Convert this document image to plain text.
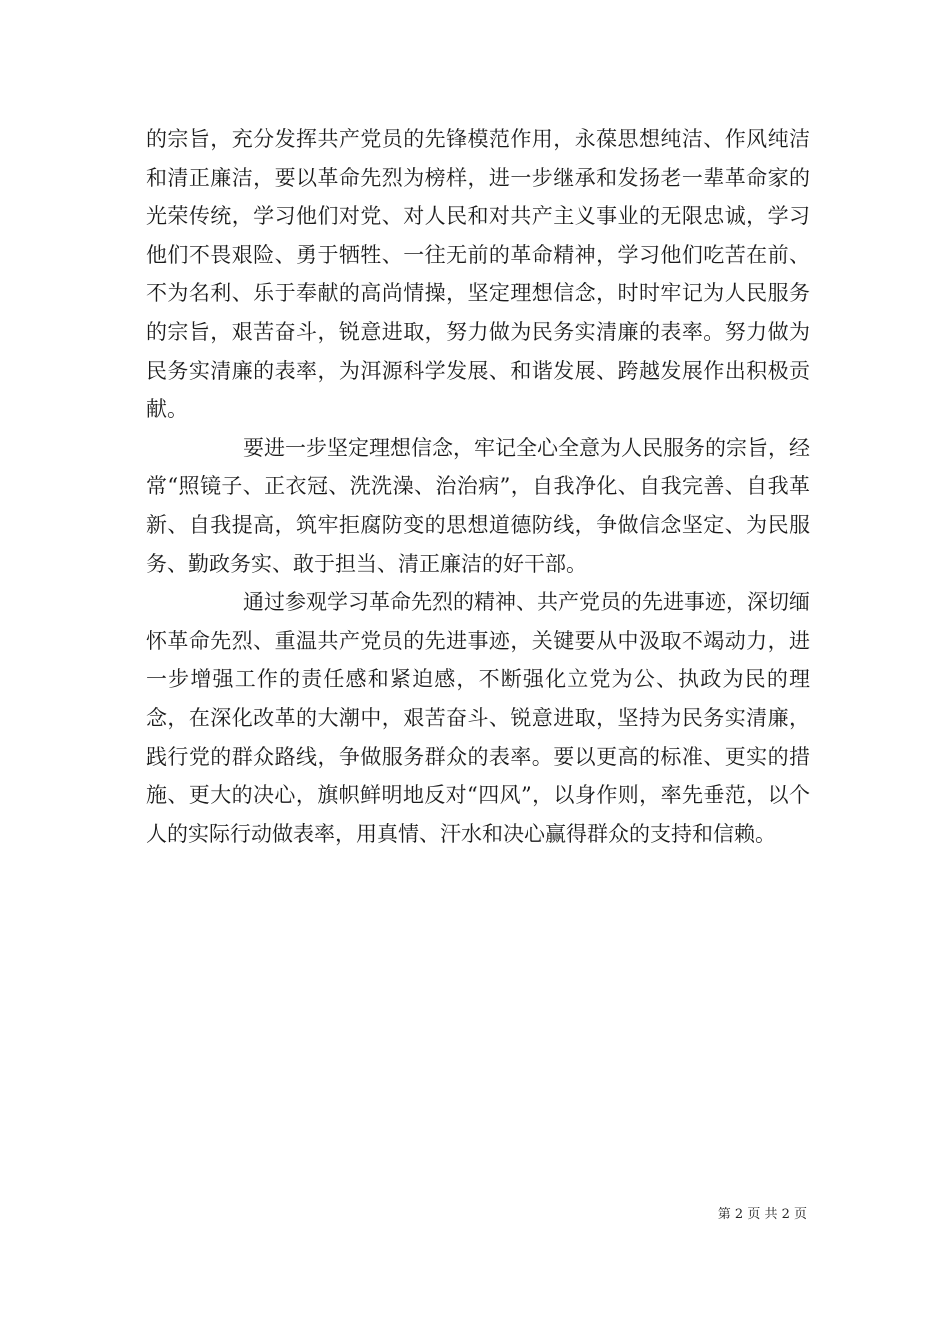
的宗旨，充分发挥共产党员的先锋模范作用，永葆思想纯洁、作风纯洁和清正廉洁，要以革命先烈为榜样，进一步继承和发扬老一辈革命家的光荣传统，学习他们对党、对人民和对共产主义事业的无限忠诚，学习他们不畏艰险、勇于牺牲、一往无前的革命精神，学习他们吃苦在前、不为名利、乐于奉献的高尚情操，坚定理想信念，时时牢记为人民服务的宗旨，艰苦奋斗，锐意进取，努力做为民务实清廉的表率。努力做为民务实清廉的表率，为洱源科学发展、和谐发展、跨越发展作出积极贡献。

要进一步坚定理想信念，牢记全心全意为人民服务的宗旨，经常“照镜子、正衣冠、洗洗澡、治治病”，自我净化、自我完善、自我革新、自我提高，筑牢拒腐防变的思想道德防线，争做信念坚定、为民服务、勤政务实、敢于担当、清正廉洁的好干部。

通过参观学习革命先烈的精神、共产党员的先进事迹，深切缅怀革命先烈、重温共产党员的先进事迹，关键要从中汲取不竭动力，进一步增强工作的责任感和紧迫感，不断强化立党为公、执政为民的理念，在深化改革的大潮中，艰苦奋斗、锐意进取，坚持为民务实清廉，践行党的群众路线，争做服务群众的表率。要以更高的标准、更实的措施、更大的决心，旗帜鲜明地反对“四风”，以身作则，率先垂范，以个人的实际行动做表率，用真情、汗水和决心赢得群众的支持和信赖。

第 2 页 共 2 页
